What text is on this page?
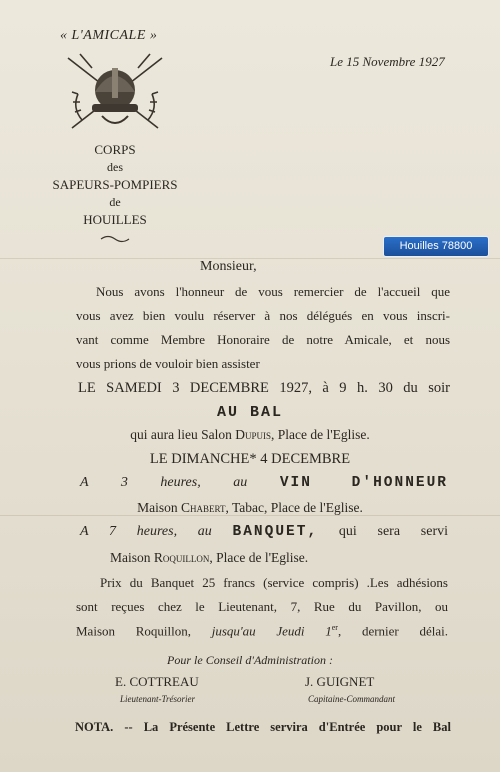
« L'AMICALE »
CORPS
des
SAPEURS-POMPIERS
de
HOUILLES
Le 15 Novembre 1927
Houilles 78800
Monsieur,
Nous avons l'honneur de vous remercier de l'accueil que
vous avez bien voulu réserver à nos délégués en vous inscri-
vant comme Membre Honoraire de notre Amicale, et nous
vous prions de vouloir bien assister
LE SAMEDI 3 DECEMBRE 1927, à 9 h. 30 du soir
AU BAL
qui aura lieu Salon Dupuis, Place de l'Eglise.
LE DIMANCHE* 4 DECEMBRE
A 3 heures, au VIN D'HONNEUR
Maison Chabert, Tabac, Place de l'Eglise.
A 7 heures, au BANQUET, qui sera servi
Maison Roquillon, Place de l'Eglise.
Prix du Banquet 25 francs (service compris) .Les adhésions
sont reçues chez le Lieutenant, 7, Rue du Pavillon, ou
Maison Roquillon, jusqu'au Jeudi 1er, dernier délai.
Pour le Conseil d'Administration :
E. COTTREAU	J. GUIGNET
Lieutenant-Trésorier	Capitaine-Commandant
NOTA. -- La Présente Lettre servira d'Entrée pour le Bal
